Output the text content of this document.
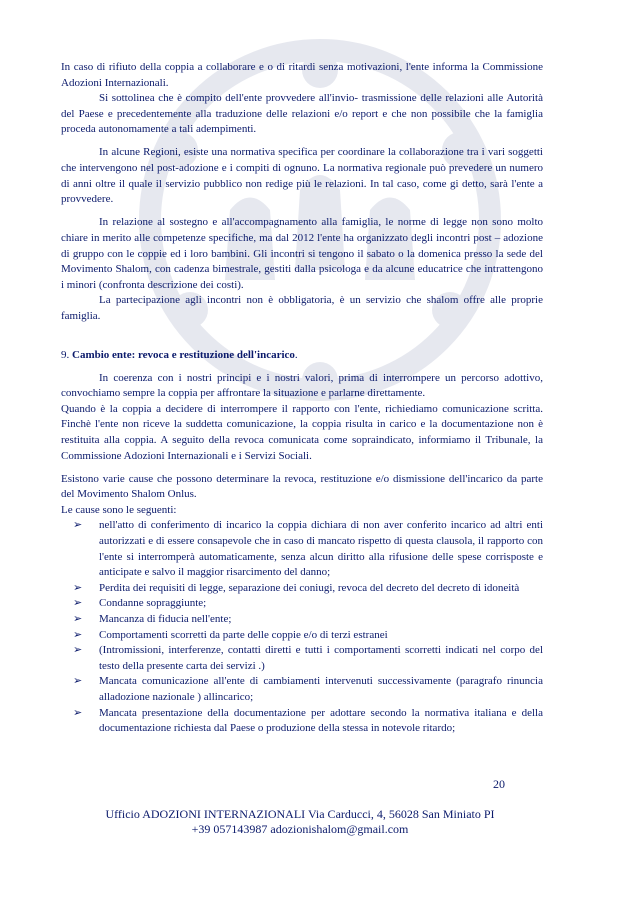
In caso di rifiuto della coppia a collaborare e o di ritardi senza motivazioni, l'ente informa la Commissione Adozioni Internazionali.

Si sottolinea che è compito dell'ente provvedere all'invio- trasmissione delle relazioni alle Autorità del Paese e precedentemente alla traduzione delle relazioni e/o report e che non possibile che la famiglia proceda autonomamente a tali adempimenti.

In alcune Regioni, esiste una normativa specifica per coordinare la collaborazione tra i vari soggetti che intervengono nel post-adozione e i compiti di ognuno. La normativa regionale può prevedere un numero di anni oltre il quale il servizio pubblico non redige più le relazioni. In tal caso, come gi detto, sarà l'ente a provvedere.

In relazione al sostegno e all'accompagnamento alla famiglia, le norme di legge non sono molto chiare in merito alle competenze specifiche, ma dal 2012 l'ente ha organizzato degli incontri post – adozione di gruppo con le coppie ed i loro bambini. Gli incontri si tengono il sabato o la domenica presso la sede del Movimento Shalom, con cadenza bimestrale, gestiti dalla psicologa e da alcune educatrice che intrattengono i minori (confronta descrizione dei costi).

La partecipazione agli incontri non è obbligatoria, è un servizio che shalom offre alle proprie famiglia.

9. Cambio ente: revoca e restituzione dell'incarico.

In coerenza con i nostri principi e i nostri valori, prima di interrompere un percorso adottivo, convochiamo sempre la coppia per affrontare la situazione e parlarne direttamente.

Quando è la coppia a decidere di interrompere il rapporto con l'ente, richiediamo comunicazione scritta. Finchè l'ente non riceve la suddetta comunicazione, la coppia risulta in carico e la documentazione non è restituita alla coppia. A seguito della revoca comunicata come sopraindicato, informiamo il Tribunale, la Commissione Adozioni Internazionali e i Servizi Sociali.

Esistono varie cause che possono determinare la revoca, restituzione e/o dismissione dell'incarico da parte del Movimento Shalom Onlus.

Le cause sono le seguenti:

➢ nell'atto di conferimento di incarico la coppia dichiara di non aver conferito incarico ad altri enti autorizzati e di essere consapevole che in caso di mancato rispetto di questa clausola, il rapporto con l'ente si interromperà automaticamente, senza alcun diritto alla rifusione delle spese corrisposte e anticipate e salvo il maggior risarcimento del danno;
➢ Perdita dei requisiti di legge, separazione dei coniugi, revoca del decreto del decreto di idoneità
➢ Condanne sopraggiunte;
➢ Mancanza di fiducia nell'ente;
➢ Comportamenti scorretti da parte delle coppie e/o di terzi estranei
➢ (Intromissioni, interferenze, contatti diretti e tutti i comportamenti scorretti indicati nel corpo del testo della presente carta dei servizi .)
➢ Mancata comunicazione all'ente di cambiamenti intervenuti successivamente (paragrafo rinuncia alladozione nazionale ) allincarico;
➢ Mancata presentazione della documentazione per adottare secondo la normativa italiana e della documentazione richiesta dal Paese o produzione della stessa in notevole ritardo;
20
Ufficio ADOZIONI INTERNAZIONALI Via Carducci, 4, 56028 San Miniato PI
+39 057143987 adozionishalom@gmail.com
